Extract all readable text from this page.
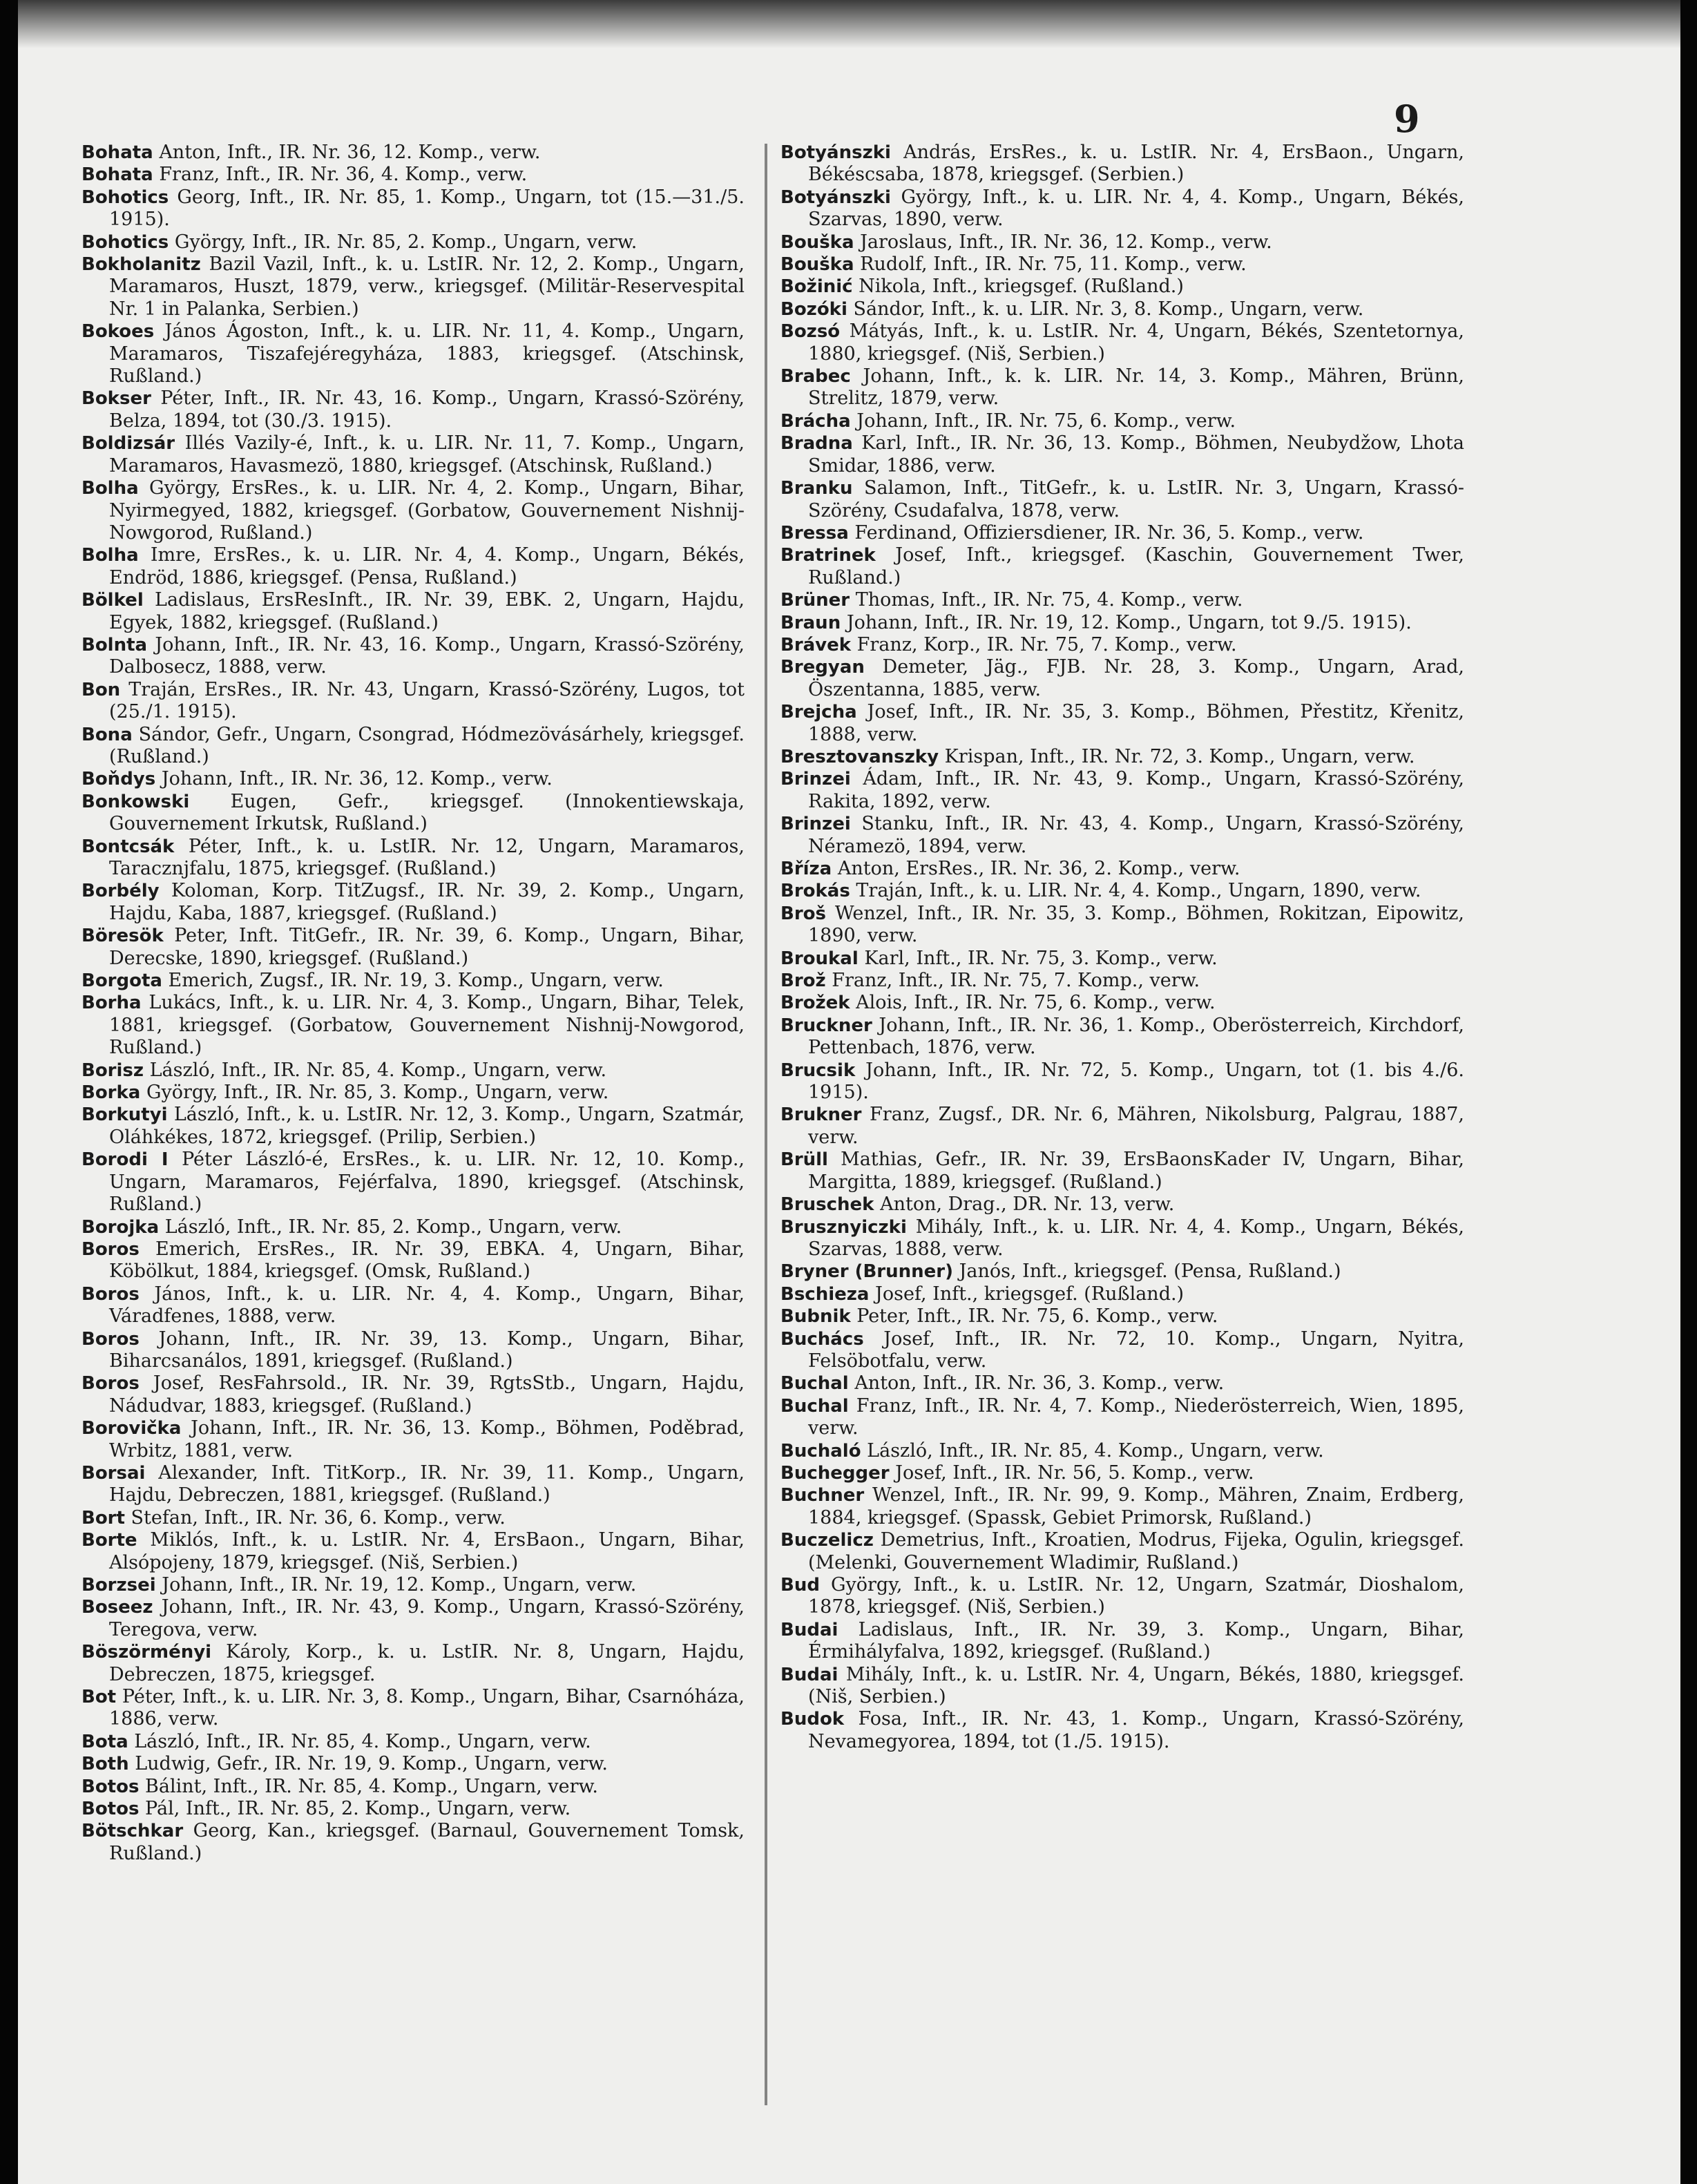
9

Bohata Anton, Inft., IR. Nr. 36, 12. Komp., verw.

Bohata Franz, Inft., IR. Nr. 36, 4. Komp., verw.

Bohotics Georg, Inft., IR. Nr. 85, 1. Komp., Ungarn, tot (15.—31./5. 1915).

Bohotics György, Inft., IR. Nr. 85, 2. Komp., Ungarn, verw.

Bokholanitz Bazil Vazil, Inft., k. u. LstIR. Nr. 12, 2. Komp., Ungarn, Maramaros, Huszt, 1879, verw., kriegsgef. (Militär-Reservespital Nr. 1 in Palanka, Serbien.)

Bokoes János Ágoston, Inft., k. u. LIR. Nr. 11, 4. Komp., Ungarn, Maramaros, Tiszafejéregyháza, 1883, kriegsgef. (Atschinsk, Rußland.)

Bokser Péter, Inft., IR. Nr. 43, 16. Komp., Ungarn, Krassó-Szörény, Belza, 1894, tot (30./3. 1915).

Boldizsár Illés Vazily-é, Inft., k. u. LIR. Nr. 11, 7. Komp., Ungarn, Maramaros, Havasmezö, 1880, kriegsgef. (Atschinsk, Rußland.)

Bolha György, ErsRes., k. u. LIR. Nr. 4, 2. Komp., Ungarn, Bihar, Nyirmegyed, 1882, kriegsgef. (Gorbatow, Gouvernement Nishnij-Nowgorod, Rußland.)

Bolha Imre, ErsRes., k. u. LIR. Nr. 4, 4. Komp., Ungarn, Békés, Endröd, 1886, kriegsgef. (Pensa, Rußland.)

Bölkel Ladislaus, ErsResInft., IR. Nr. 39, EBK. 2, Ungarn, Hajdu, Egyek, 1882, kriegsgef. (Rußland.)

Bolnta Johann, Inft., IR. Nr. 43, 16. Komp., Ungarn, Krassó-Szörény, Dalbosecz, 1888, verw.

Bon Traján, ErsRes., IR. Nr. 43, Ungarn, Krassó-Szörény, Lugos, tot (25./1. 1915).

Bona Sándor, Gefr., Ungarn, Csongrad, Hódmezövásárhely, kriegsgef. (Rußland.)

Boňdys Johann, Inft., IR. Nr. 36, 12. Komp., verw.

Bonkowski Eugen, Gefr., kriegsgef. (Innokentiewskaja, Gouvernement Irkutsk, Rußland.)

Bontcsák Péter, Inft., k. u. LstIR. Nr. 12, Ungarn, Maramaros, Taracznjfalu, 1875, kriegsgef. (Rußland.)

Borbély Koloman, Korp. TitZugsf., IR. Nr. 39, 2. Komp., Ungarn, Hajdu, Kaba, 1887, kriegsgef. (Rußland.)

Böresök Peter, Inft. TitGefr., IR. Nr. 39, 6. Komp., Ungarn, Bihar, Derecske, 1890, kriegsgef. (Rußland.)

Borgota Emerich, Zugsf., IR. Nr. 19, 3. Komp., Ungarn, verw.

Borha Lukács, Inft., k. u. LIR. Nr. 4, 3. Komp., Ungarn, Bihar, Telek, 1881, kriegsgef. (Gorbatow, Gouvernement Nishnij-Nowgorod, Rußland.)

Borisz László, Inft., IR. Nr. 85, 4. Komp., Ungarn, verw.

Borka György, Inft., IR. Nr. 85, 3. Komp., Ungarn, verw.

Borkutyi László, Inft., k. u. LstIR. Nr. 12, 3. Komp., Ungarn, Szatmár, Oláhkékes, 1872, kriegsgef. (Prilip, Serbien.)

Borodi I Péter László-é, ErsRes., k. u. LIR. Nr. 12, 10. Komp., Ungarn, Maramaros, Fejérfalva, 1890, kriegsgef. (Atschinsk, Rußland.)

Borojka László, Inft., IR. Nr. 85, 2. Komp., Ungarn, verw.

Boros Emerich, ErsRes., IR. Nr. 39, EBKA. 4, Ungarn, Bihar, Köbölkut, 1884, kriegsgef. (Omsk, Rußland.)

Boros János, Inft., k. u. LIR. Nr. 4, 4. Komp., Ungarn, Bihar, Váradfenes, 1888, verw.

Boros Johann, Inft., IR. Nr. 39, 13. Komp., Ungarn, Bihar, Biharcsanálos, 1891, kriegsgef. (Rußland.)

Boros Josef, ResFahrsold., IR. Nr. 39, RgtsStb., Ungarn, Hajdu, Nádudvar, 1883, kriegsgef. (Rußland.)

Borovička Johann, Inft., IR. Nr. 36, 13. Komp., Böhmen, Poděbrad, Wrbitz, 1881, verw.

Borsai Alexander, Inft. TitKorp., IR. Nr. 39, 11. Komp., Ungarn, Hajdu, Debreczen, 1881, kriegsgef. (Rußland.)

Bort Stefan, Inft., IR. Nr. 36, 6. Komp., verw.

Borte Miklós, Inft., k. u. LstIR. Nr. 4, ErsBaon., Ungarn, Bihar, Alsópojeny, 1879, kriegsgef. (Niš, Serbien.)

Borzsei Johann, Inft., IR. Nr. 19, 12. Komp., Ungarn, verw.

Boseez Johann, Inft., IR. Nr. 43, 9. Komp., Ungarn, Krassó-Szörény, Teregova, verw.

Böszörményi Károly, Korp., k. u. LstIR. Nr. 8, Ungarn, Hajdu, Debreczen, 1875, kriegsgef.

Bot Péter, Inft., k. u. LIR. Nr. 3, 8. Komp., Ungarn, Bihar, Csarnóháza, 1886, verw.

Bota László, Inft., IR. Nr. 85, 4. Komp., Ungarn, verw.

Both Ludwig, Gefr., IR. Nr. 19, 9. Komp., Ungarn, verw.

Botos Bálint, Inft., IR. Nr. 85, 4. Komp., Ungarn, verw.

Botos Pál, Inft., IR. Nr. 85, 2. Komp., Ungarn, verw.

Bötschkar Georg, Kan., kriegsgef. (Barnaul, Gouvernement Tomsk, Rußland.)

Botyánszki András, ErsRes., k. u. LstIR. Nr. 4, ErsBaon., Ungarn, Békéscsaba, 1878, kriegsgef. (Serbien.)

Botyánszki György, Inft., k. u. LIR. Nr. 4, 4. Komp., Ungarn, Békés, Szarvas, 1890, verw.

Bouška Jaroslaus, Inft., IR. Nr. 36, 12. Komp., verw.

Bouška Rudolf, Inft., IR. Nr. 75, 11. Komp., verw.

Božinić Nikola, Inft., kriegsgef. (Rußland.)

Bozóki Sándor, Inft., k. u. LIR. Nr. 3, 8. Komp., Ungarn, verw.

Bozsó Mátyás, Inft., k. u. LstIR. Nr. 4, Ungarn, Békés, Szentetornya, 1880, kriegsgef. (Niš, Serbien.)

Brabec Johann, Inft., k. k. LIR. Nr. 14, 3. Komp., Mähren, Brünn, Strelitz, 1879, verw.

Brácha Johann, Inft., IR. Nr. 75, 6. Komp., verw.

Bradna Karl, Inft., IR. Nr. 36, 13. Komp., Böhmen, Neubydžow, Lhota Smidar, 1886, verw.

Branku Salamon, Inft., TitGefr., k. u. LstIR. Nr. 3, Ungarn, Krassó-Szörény, Csudafalva, 1878, verw.

Bressa Ferdinand, Offiziersdiener, IR. Nr. 36, 5. Komp., verw.

Bratrinek Josef, Inft., kriegsgef. (Kaschin, Gouvernement Twer, Rußland.)

Brüner Thomas, Inft., IR. Nr. 75, 4. Komp., verw.

Braun Johann, Inft., IR. Nr. 19, 12. Komp., Ungarn, tot 9./5. 1915).

Brávek Franz, Korp., IR. Nr. 75, 7. Komp., verw.

Bregyan Demeter, Jäg., FJB. Nr. 28, 3. Komp., Ungarn, Arad, Öszentanna, 1885, verw.

Brejcha Josef, Inft., IR. Nr. 35, 3. Komp., Böhmen, Přestitz, Křenitz, 1888, verw.

Bresztovanszky Krispan, Inft., IR. Nr. 72, 3. Komp., Ungarn, verw.

Brinzei Ádam, Inft., IR. Nr. 43, 9. Komp., Ungarn, Krassó-Szörény, Rakita, 1892, verw.

Brinzei Stanku, Inft., IR. Nr. 43, 4. Komp., Ungarn, Krassó-Szörény, Néramezö, 1894, verw.

Bříza Anton, ErsRes., IR. Nr. 36, 2. Komp., verw.

Brokás Traján, Inft., k. u. LIR. Nr. 4, 4. Komp., Ungarn, 1890, verw.

Broš Wenzel, Inft., IR. Nr. 35, 3. Komp., Böhmen, Rokitzan, Eipowitz, 1890, verw.

Broukal Karl, Inft., IR. Nr. 75, 3. Komp., verw.

Brož Franz, Inft., IR. Nr. 75, 7. Komp., verw.

Brožek Alois, Inft., IR. Nr. 75, 6. Komp., verw.

Bruckner Johann, Inft., IR. Nr. 36, 1. Komp., Oberösterreich, Kirchdorf, Pettenbach, 1876, verw.

Brucsik Johann, Inft., IR. Nr. 72, 5. Komp., Ungarn, tot (1. bis 4./6. 1915).

Brukner Franz, Zugsf., DR. Nr. 6, Mähren, Nikolsburg, Palgrau, 1887, verw.

Brüll Mathias, Gefr., IR. Nr. 39, ErsBaonsKader IV, Ungarn, Bihar, Margitta, 1889, kriegsgef. (Rußland.)

Bruschek Anton, Drag., DR. Nr. 13, verw.

Brusznyiczki Mihály, Inft., k. u. LIR. Nr. 4, 4. Komp., Ungarn, Békés, Szarvas, 1888, verw.

Bryner (Brunner) Janós, Inft., kriegsgef. (Pensa, Rußland.)

Bschieza Josef, Inft., kriegsgef. (Rußland.)

Bubnik Peter, Inft., IR. Nr. 75, 6. Komp., verw.

Buchács Josef, Inft., IR. Nr. 72, 10. Komp., Ungarn, Nyitra, Felsöbotfalu, verw.

Buchal Anton, Inft., IR. Nr. 36, 3. Komp., verw.

Buchal Franz, Inft., IR. Nr. 4, 7. Komp., Niederösterreich, Wien, 1895, verw.

Buchaló László, Inft., IR. Nr. 85, 4. Komp., Ungarn, verw.

Buchegger Josef, Inft., IR. Nr. 56, 5. Komp., verw.

Buchner Wenzel, Inft., IR. Nr. 99, 9. Komp., Mähren, Znaim, Erdberg, 1884, kriegsgef. (Spassk, Gebiet Primorsk, Rußland.)

Buczelicz Demetrius, Inft., Kroatien, Modrus, Fijeka, Ogulin, kriegsgef. (Melenki, Gouvernement Wladimir, Rußland.)

Bud György, Inft., k. u. LstIR. Nr. 12, Ungarn, Szatmár, Dioshalom, 1878, kriegsgef. (Niš, Serbien.)

Budai Ladislaus, Inft., IR. Nr. 39, 3. Komp., Ungarn, Bihar, Érmihályfalva, 1892, kriegsgef. (Rußland.)

Budai Mihály, Inft., k. u. LstIR. Nr. 4, Ungarn, Békés, 1880, kriegsgef. (Niš, Serbien.)

Budok Fosa, Inft., IR. Nr. 43, 1. Komp., Ungarn, Krassó-Szörény, Nevamegyorea, 1894, tot (1./5. 1915).
